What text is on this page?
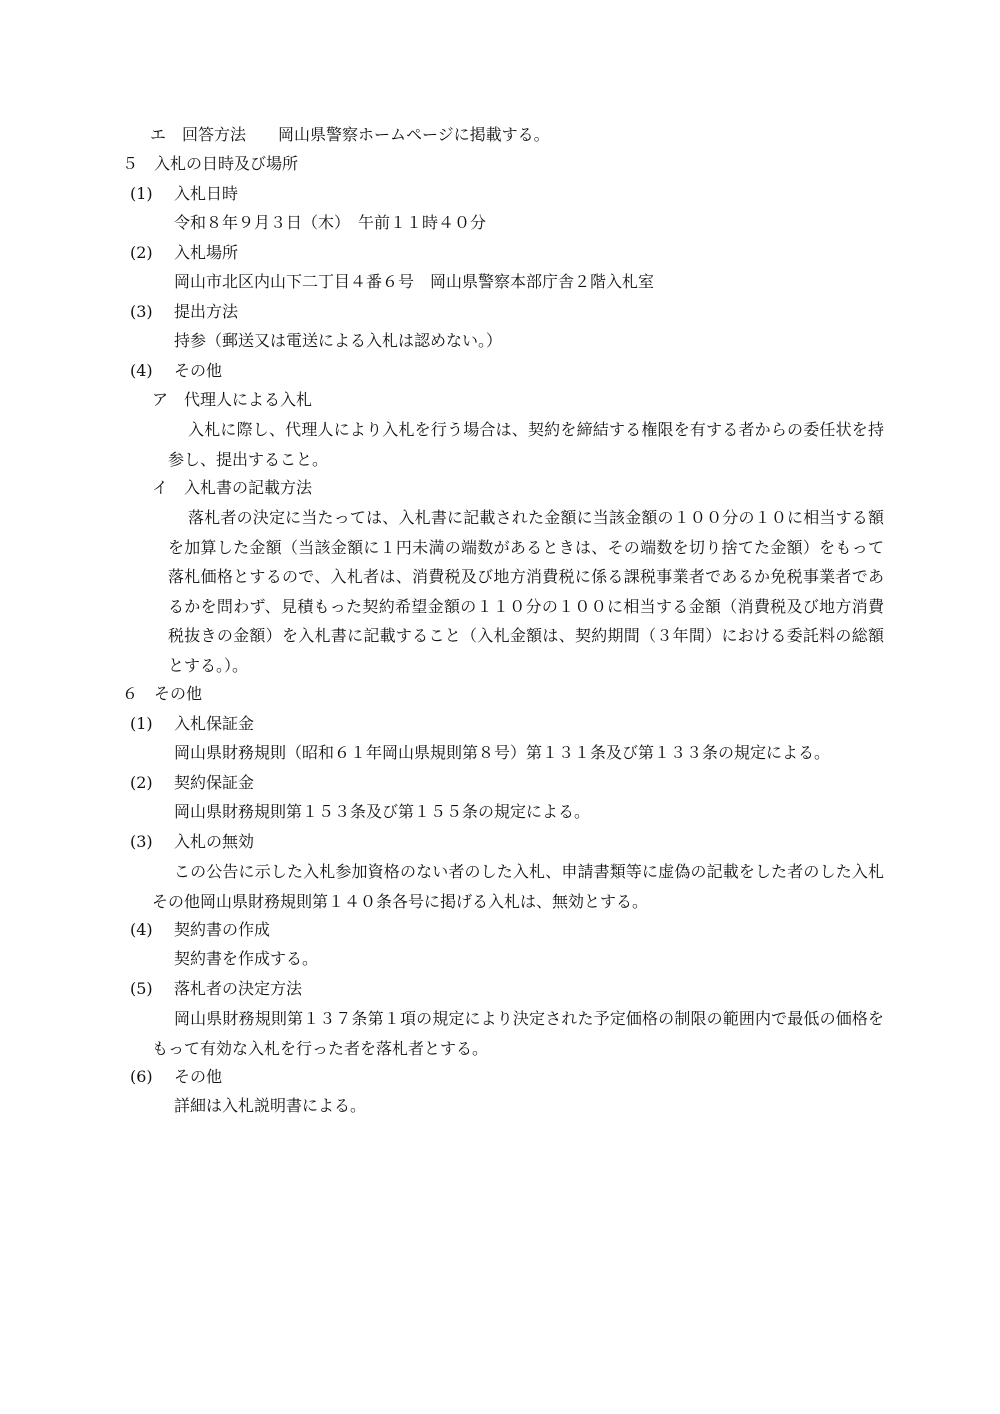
エ　回答方法　　岡山県警察ホームページに掲載する。
５　入札の日時及び場所
(1) 入札日時
令和８年９月３日（木）　午前１１時４０分
(2) 入札場所
岡山市北区内山下二丁目４番６号　岡山県警察本部庁舎２階入札室
(3) 提出方法
持参（郵送又は電送による入札は認めない。）
(4) その他
ア　代理人による入札
入札に際し、代理人により入札を行う場合は、契約を締結する権限を有する者からの委任状を持参し、提出すること。
イ　入札書の記載方法
落札者の決定に当たっては、入札書に記載された金額に当該金額の１００分の１０に相当する額を加算した金額（当該金額に１円未満の端数があるときは、その端数を切り捨てた金額）をもって落札価格とするので、入札者は、消費税及び地方消費税に係る課税事業者であるか免税事業者であるかを問わず、見積もった契約希望金額の１１０分の１００に相当する金額（消費税及び地方消費税抜きの金額）を入札書に記載すること（入札金額は、契約期間（３年間）における委託料の総額とする。）。
６　その他
(1) 入札保証金
岡山県財務規則（昭和６１年岡山県規則第８号）第１３１条及び第１３３条の規定による。
(2) 契約保証金
岡山県財務規則第１５３条及び第１５５条の規定による。
(3) 入札の無効
この公告に示した入札参加資格のない者のした入札、申請書類等に虚偽の記載をした者のした入札その他岡山県財務規則第１４０条各号に掲げる入札は、無効とする。
(4) 契約書の作成
契約書を作成する。
(5) 落札者の決定方法
岡山県財務規則第１３７条第１項の規定により決定された予定価格の制限の範囲内で最低の価格をもって有効な入札を行った者を落札者とする。
(6) その他
詳細は入札説明書による。
